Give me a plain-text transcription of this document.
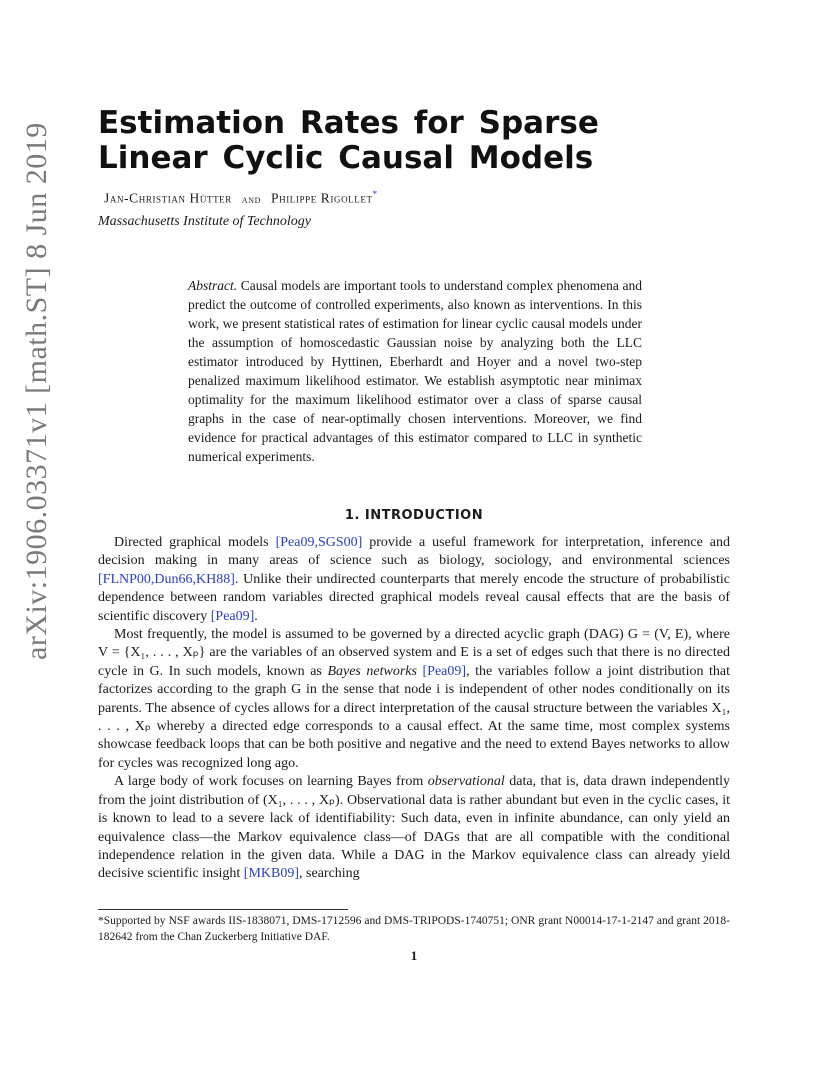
arXiv:1906.03371v1 [math.ST] 8 Jun 2019 Estimation Rates for Sparse Linear Cyclic Causal Models
Jan-Christian Hütter and Philippe Rigollet*
Massachusetts Institute of Technology
Abstract. Causal models are important tools to understand complex phenomena and predict the outcome of controlled experiments, also known as interventions. In this work, we present statistical rates of estimation for linear cyclic causal models under the assumption of homoscedastic Gaussian noise by analyzing both the LLC estimator introduced by Hyttinen, Eberhardt and Hoyer and a novel two-step penalized maximum likelihood estimator. We establish asymptotic near minimax optimality for the maximum likelihood estimator over a class of sparse causal graphs in the case of near-optimally chosen interventions. Moreover, we find evidence for practical advantages of this estimator compared to LLC in synthetic numerical experiments.
1. INTRODUCTION

Directed graphical models [Pea09,SGS00] provide a useful framework for interpretation, inference and decision making in many areas of science such as biology, sociology, and environmental sciences [FLNP00,Dun66,KH88]. Unlike their undirected counterparts that merely encode the structure of probabilistic dependence between random variables directed graphical models reveal causal effects that are the basis of scientific discovery [Pea09].

Most frequently, the model is assumed to be governed by a directed acyclic graph (DAG) G = (V, E), where V = {X₁, . . . , Xₚ} are the variables of an observed system and E is a set of edges such that there is no directed cycle in G. In such models, known as Bayes networks [Pea09], the variables follow a joint distribution that factorizes according to the graph G in the sense that node i is independent of other nodes conditionally on its parents. The absence of cycles allows for a direct interpretation of the causal structure between the variables X₁, . . . , Xₚ whereby a directed edge corresponds to a causal effect. At the same time, most complex systems showcase feedback loops that can be both positive and negative and the need to extend Bayes networks to allow for cycles was recognized long ago.

A large body of work focuses on learning Bayes from observational data, that is, data drawn independently from the joint distribution of (X₁, . . . , Xₚ). Observational data is rather abundant but even in the cyclic cases, it is known to lead to a severe lack of identifiability: Such data, even in infinite abundance, can only yield an equivalence class—the Markov equivalence class—of DAGs that are all compatible with the conditional independence relation in the given data. While a DAG in the Markov equivalence class can already yield decisive scientific insight [MKB09], searching

*Supported by NSF awards IIS-1838071, DMS-1712596 and DMS-TRIPODS-1740751; ONR grant N00014-17-1-2147 and grant 2018-182642 from the Chan Zuckerberg Initiative DAF.
1
